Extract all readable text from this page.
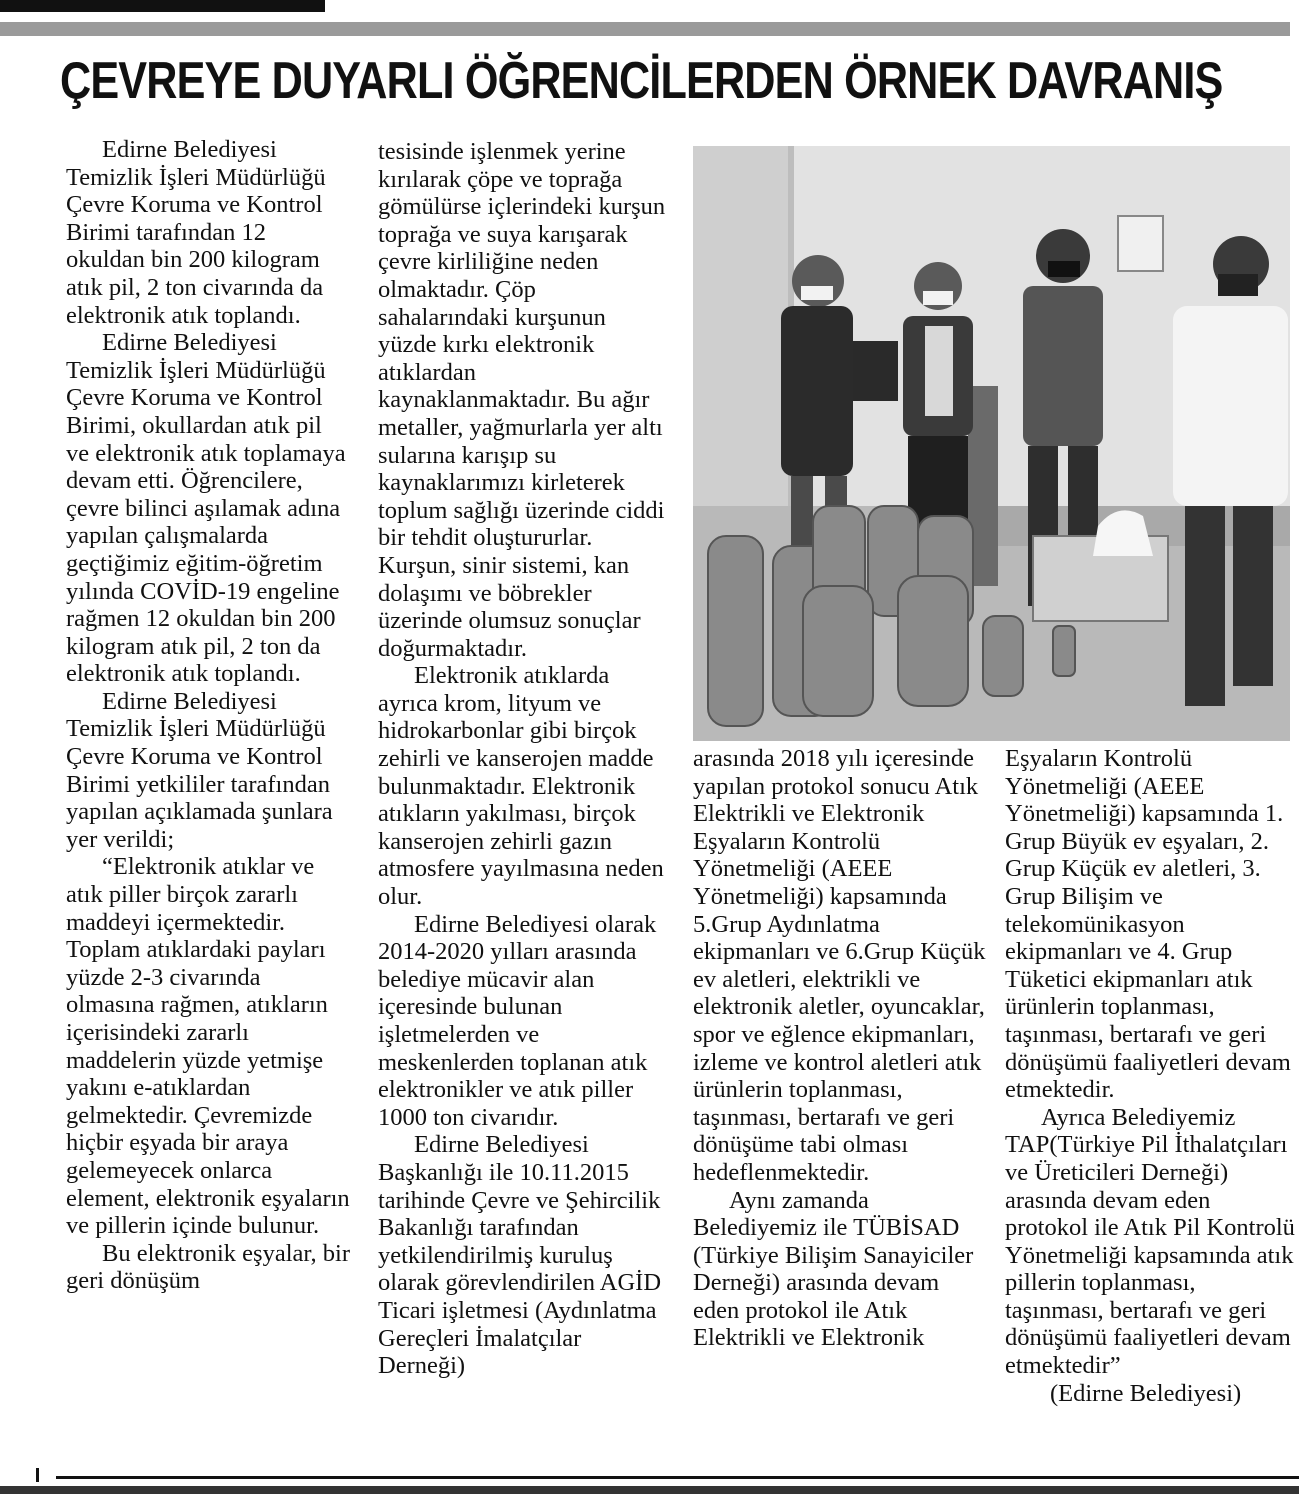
ÇEVREYE DUYARLI ÖĞRENCİLERDEN ÖRNEK DAVRANIŞ

Edirne Belediyesi Temizlik İşleri Müdürlüğü Çevre Koruma ve Kontrol Birimi tarafından 12 okuldan bin 200 kilogram atık pil, 2 ton civarında da elektronik atık toplandı.

Edirne Belediyesi Temizlik İşleri Müdürlüğü Çevre Koruma ve Kontrol Birimi, okullardan atık pil ve elektronik atık toplamaya devam etti. Öğrencilere, çevre bilinci aşılamak adına yapılan çalışmalarda geçtiğimiz eğitim-öğretim yılında COVİD-19 engeline rağmen 12 okuldan bin 200 kilogram atık pil, 2 ton da elektronik atık toplandı.

Edirne Belediyesi Temizlik İşleri Müdürlüğü Çevre Koruma ve Kontrol Birimi yetkililer tarafından yapılan açıklamada şunlara yer verildi;

“Elektronik atıklar ve atık piller birçok zararlı maddeyi içermektedir. Toplam atıklardaki payları yüzde 2-3 civarında olmasına rağmen, atıkların içerisindeki zararlı maddelerin yüzde yetmişe yakını e-atıklardan gelmektedir. Çevremizde hiçbir eşyada bir araya gelemeyecek onlarca element, elektronik eşyaların ve pillerin içinde bulunur.

Bu elektronik eşyalar, bir geri dönüşüm

tesisinde işlenmek yerine kırılarak çöpe ve toprağa gömülürse içlerindeki kurşun toprağa ve suya karışarak çevre kirliliğine neden olmaktadır. Çöp sahalarındaki kurşunun yüzde kırkı elektronik atıklardan kaynaklanmaktadır. Bu ağır metaller, yağmurlarla yer altı sularına karışıp su kaynaklarımızı kirleterek toplum sağlığı üzerinde ciddi bir tehdit oluştururlar. Kurşun, sinir sistemi, kan dolaşımı ve böbrekler üzerinde olumsuz sonuçlar doğurmaktadır.

Elektronik atıklarda ayrıca krom, lityum ve hidrokarbonlar gibi birçok zehirli ve kanserojen madde bulunmaktadır. Elektronik atıkların yakılması, birçok kanserojen zehirli gazın atmosfere yayılmasına neden olur.

Edirne Belediyesi olarak 2014-2020 yılları arasında belediye mücavir alan içeresinde bulunan işletmelerden ve meskenlerden toplanan atık elektronikler ve atık piller 1000 ton civarıdır.

Edirne Belediyesi Başkanlığı ile 10.11.2015 tarihinde Çevre ve Şehircilik Bakanlığı tarafından yetkilendirilmiş kuruluş olarak görevlendirilen AGİD Ticari işletmesi (Aydınlatma Gereçleri İmalatçılar Derneği)

arasında 2018 yılı içeresinde yapılan protokol sonucu Atık Elektrikli ve Elektronik Eşyaların Kontrolü Yönetmeliği (AEEE Yönetmeliği) kapsamında 5.Grup Aydınlatma ekipmanları ve 6.Grup Küçük ev aletleri, elektrikli ve elektronik aletler, oyuncaklar, spor ve eğlence ekipmanları, izleme ve kontrol aletleri atık ürünlerin toplanması, taşınması, bertarafı ve geri dönüşüme tabi olması hedeflenmektedir.

Aynı zamanda Belediyemiz ile TÜBİSAD (Türkiye Bilişim Sanayiciler Derneği) arasında devam eden protokol ile Atık Elektrikli ve Elektronik

Eşyaların Kontrolü Yönetmeliği (AEEE Yönetmeliği) kapsamında 1. Grup Büyük ev eşyaları, 2. Grup Küçük ev aletleri, 3. Grup Bilişim ve telekomünikasyon ekipmanları ve 4. Grup Tüketici ekipmanları atık ürünlerin toplanması, taşınması, bertarafı ve geri dönüşümü faaliyetleri devam etmektedir.

Ayrıca Belediyemiz TAP(Türkiye Pil İthalatçıları ve Üreticileri Derneği) arasında devam eden protokol ile Atık Pil Kontrolü Yönetmeliği kapsamında atık pillerin toplanması, taşınması, bertarafı ve geri dönüşümü faaliyetleri devam etmektedir”

(Edirne Belediyesi)
